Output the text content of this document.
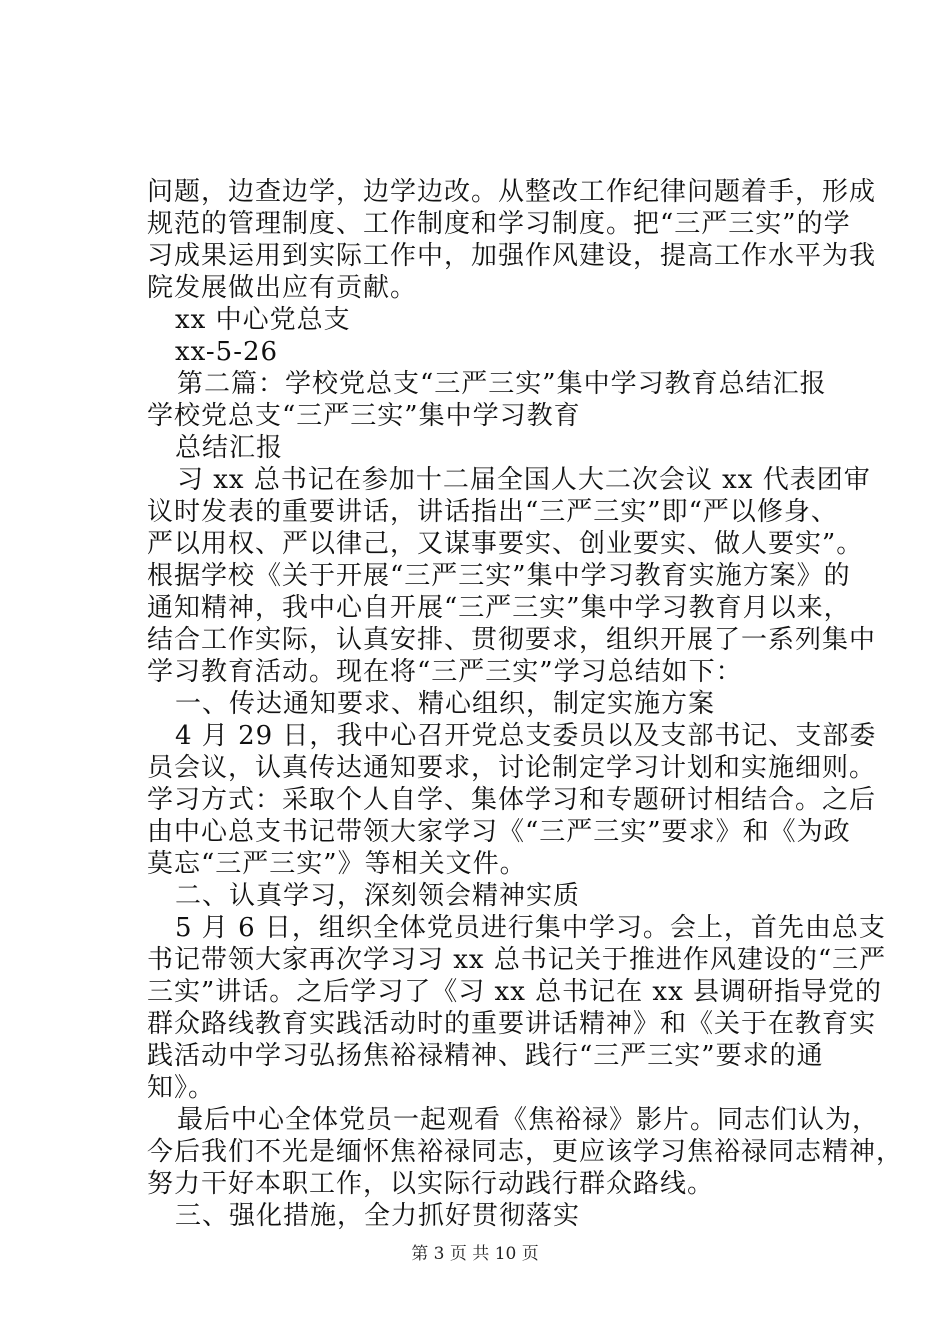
问题，边查边学，边学边改。从整改工作纪律问题着手，形成
规范的管理制度、工作制度和学习制度。把“三严三实”的学
习成果运用到实际工作中，加强作风建设，提高工作水平为我
院发展做出应有贡献。
xx 中心党总支
xx-5-26
第二篇：学校党总支“三严三实”集中学习教育总结汇报
学校党总支“三严三实”集中学习教育
总结汇报
习 xx 总书记在参加十二届全国人大二次会议 xx 代表团审
议时发表的重要讲话，讲话指出“三严三实”即“严以修身、
严以用权、严以律己，又谋事要实、创业要实、做人要实”。
根据学校《关于开展“三严三实”集中学习教育实施方案》的
通知精神，我中心自开展“三严三实”集中学习教育月以来，
结合工作实际，认真安排、贯彻要求，组织开展了一系列集中
学习教育活动。现在将“三严三实”学习总结如下：
一、传达通知要求、精心组织，制定实施方案
4 月 29 日，我中心召开党总支委员以及支部书记、支部委
员会议，认真传达通知要求，讨论制定学习计划和实施细则。
学习方式：采取个人自学、集体学习和专题研讨相结合。之后
由中心总支书记带领大家学习《“三严三实”要求》和《为政
莫忘“三严三实”》等相关文件。
二、认真学习，深刻领会精神实质
5 月 6 日，组织全体党员进行集中学习。会上，首先由总支
书记带领大家再次学习习 xx 总书记关于推进作风建设的“三严
三实”讲话。之后学习了《习 xx 总书记在 xx 县调研指导党的
群众路线教育实践活动时的重要讲话精神》和《关于在教育实
践活动中学习弘扬焦裕禄精神、践行“三严三实”要求的通
知》。
最后中心全体党员一起观看《焦裕禄》影片。同志们认为，
今后我们不光是缅怀焦裕禄同志，更应该学习焦裕禄同志精神，
努力干好本职工作，以实际行动践行群众路线。
三、强化措施，全力抓好贯彻落实
第 3 页 共 10 页
